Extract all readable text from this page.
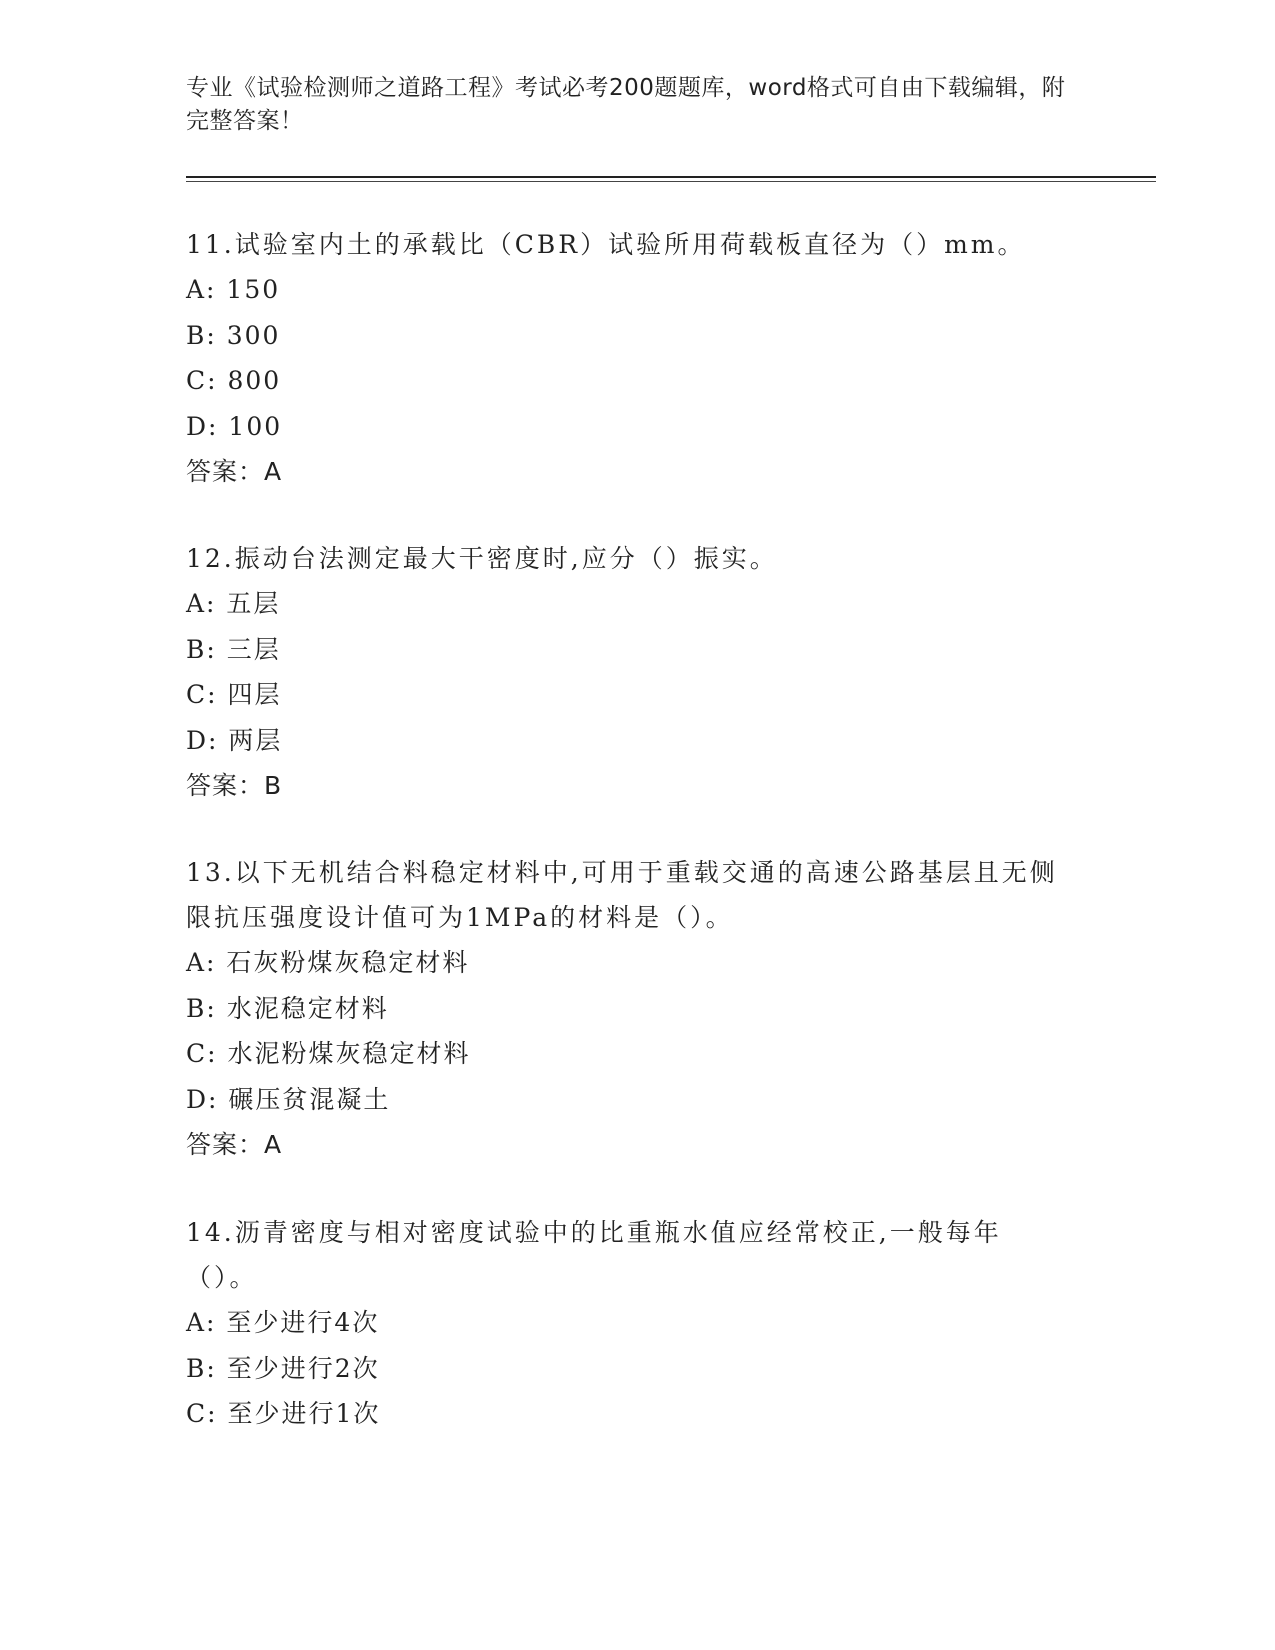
专业《试验检测师之道路工程》考试必考200题题库，word格式可自由下载编辑，附完整答案！
11.试验室内土的承载比（CBR）试验所用荷载板直径为（）mm。
A: 150
B: 300
C: 800
D: 100
答案：A
12.振动台法测定最大干密度时,应分（）振实。
A: 五层
B: 三层
C: 四层
D: 两层
答案：B
13.以下无机结合料稳定材料中,可用于重载交通的高速公路基层且无侧限抗压强度设计值可为1MPa的材料是（）。
A: 石灰粉煤灰稳定材料
B: 水泥稳定材料
C: 水泥粉煤灰稳定材料
D: 碾压贫混凝土
答案：A
14.沥青密度与相对密度试验中的比重瓶水值应经常校正,一般每年（）。
A: 至少进行4次
B: 至少进行2次
C: 至少进行1次
